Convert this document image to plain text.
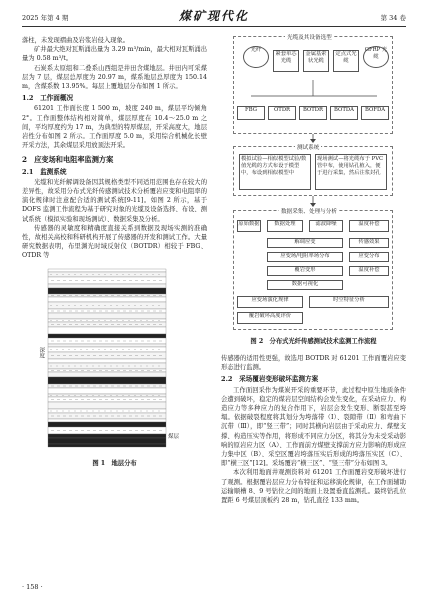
2025 年第 4 期	煤矿现代化	第 34 卷

落柱，未发现褶曲及岩浆岩侵入现象。

矿井最大绝对瓦斯涌出量为 3.29 m³/min，最大相对瓦斯涌出量为 0.58 m³/t。

石炭系太原组和二叠系山西组是井田含煤地层。井田内可采煤层为 7 层，煤层总厚度为 20.97 m，煤系地层总厚度为 150.14 m，含煤系数 13.95%。每层上覆地层分布如图 1 所示。

1.2　工作面概况

61201 工作面长度 1 500 m，坡度 240 m，煤层平均倾角 2°。工作面整体结构相对简单，煤层厚度在 10.4～25.0 m 之间，平均厚度约为 17 m，为典型的特厚煤层，开采高度大，地层岩性分布如图 2 所示。工作面厚度 5.0 m，采用综合机械化长壁开采方法，其余煤层采用放顶法开采。

2　应变场和电阻率监测方案
2.1　监测系统

光缆和光纤解调设备因其规格类型不同适用范围也存在较大的差异性，故采用分布式光纤传感测试技术分析覆岩应变和电阻率的演化规律时注意配合适的测试系统[9-11]。如图 2 所示，基于 DOFS 监测工作流程为基于研究对象的光缆及设备选择、布设、测试系统（模拟实验和现场测试）、数据采集及分析。

传感器的灵敏度和精确度直接关系到数据及现场实测的准确性，故相关高校和科研机构开展了传感器的开发和测试工作。大量研究数据表明，布里渊光时域反射仪（BOTDR）相较于 FBG、OTDR 等

深度
煤层
图 1　地层分布
· 158 ·
光缆及其设备选型
光纤
紧套单芯光缆
金属基索状光缆
定点式光缆
GFRP 光缆
FBG	OTDR	BOTDR	BOTDA	BOFDA
测试系统
模拟试验—相似模型试验/数值光缆的方式布设于模型中，布设到相似模型中
现场测试—将光缆布于 PVC 管中布，使用钻孔植入，便于进行采集，然后注浆封孔
数据采集、处理与分析
原始数据	数据处理	滤波降噪	温度补偿
解调应变
应变场/电阻率场分布
覆岩变形
数据可视化
传感效果
应变分布
温度补偿
应变场演化规律
覆岩破坏高度评价
时空特征分析
图 2　分布式光纤传感测试技术监测工作流程

传感器的适用性更强，故选用 BOTDR 对 61201 工作面覆岩应变形态进行监测。

2.2　采场覆岩变形破坏监测方案

工作面回采作为煤炭开采的重要环节，此过程中原生地质条件会遭到破坏，稳定的煤岩层空间结构会发生变化，在采动应力、构造应力等多种应力的复合作用下，岩层会发生变形、断裂甚至垮塌。依据破裂程度将其划分为垮落带（Ⅰ）、裂隙带（Ⅱ）和弯曲下沉带（Ⅲ），即“竖三带”；同时其横向岩层由于采动应力、煤壁支撑、构造压实等作用，将形成不同应力分区，将其分为未受采动影响的原岩应力区（A）、工作面前方煤壁支撑前方应力影响的形成应力集中区（B）、采空区覆岩垮落压实后形成的垮落压实区（C）、即“横三区”[12]。采场覆岩“横三区”、“竖三带”分布如图 3。

本次利用地面井观测资料对 61201 工作面覆岩变形破坏进行了观测。根据覆岩层应力分布特征和运移演化规律，在工作面辅助运输顺槽 8、9 号钻位之间的地面上设置垂直监测孔。最终钻孔位置距 6 号煤层顶板约 28 m，钻孔直径 133 mm。
